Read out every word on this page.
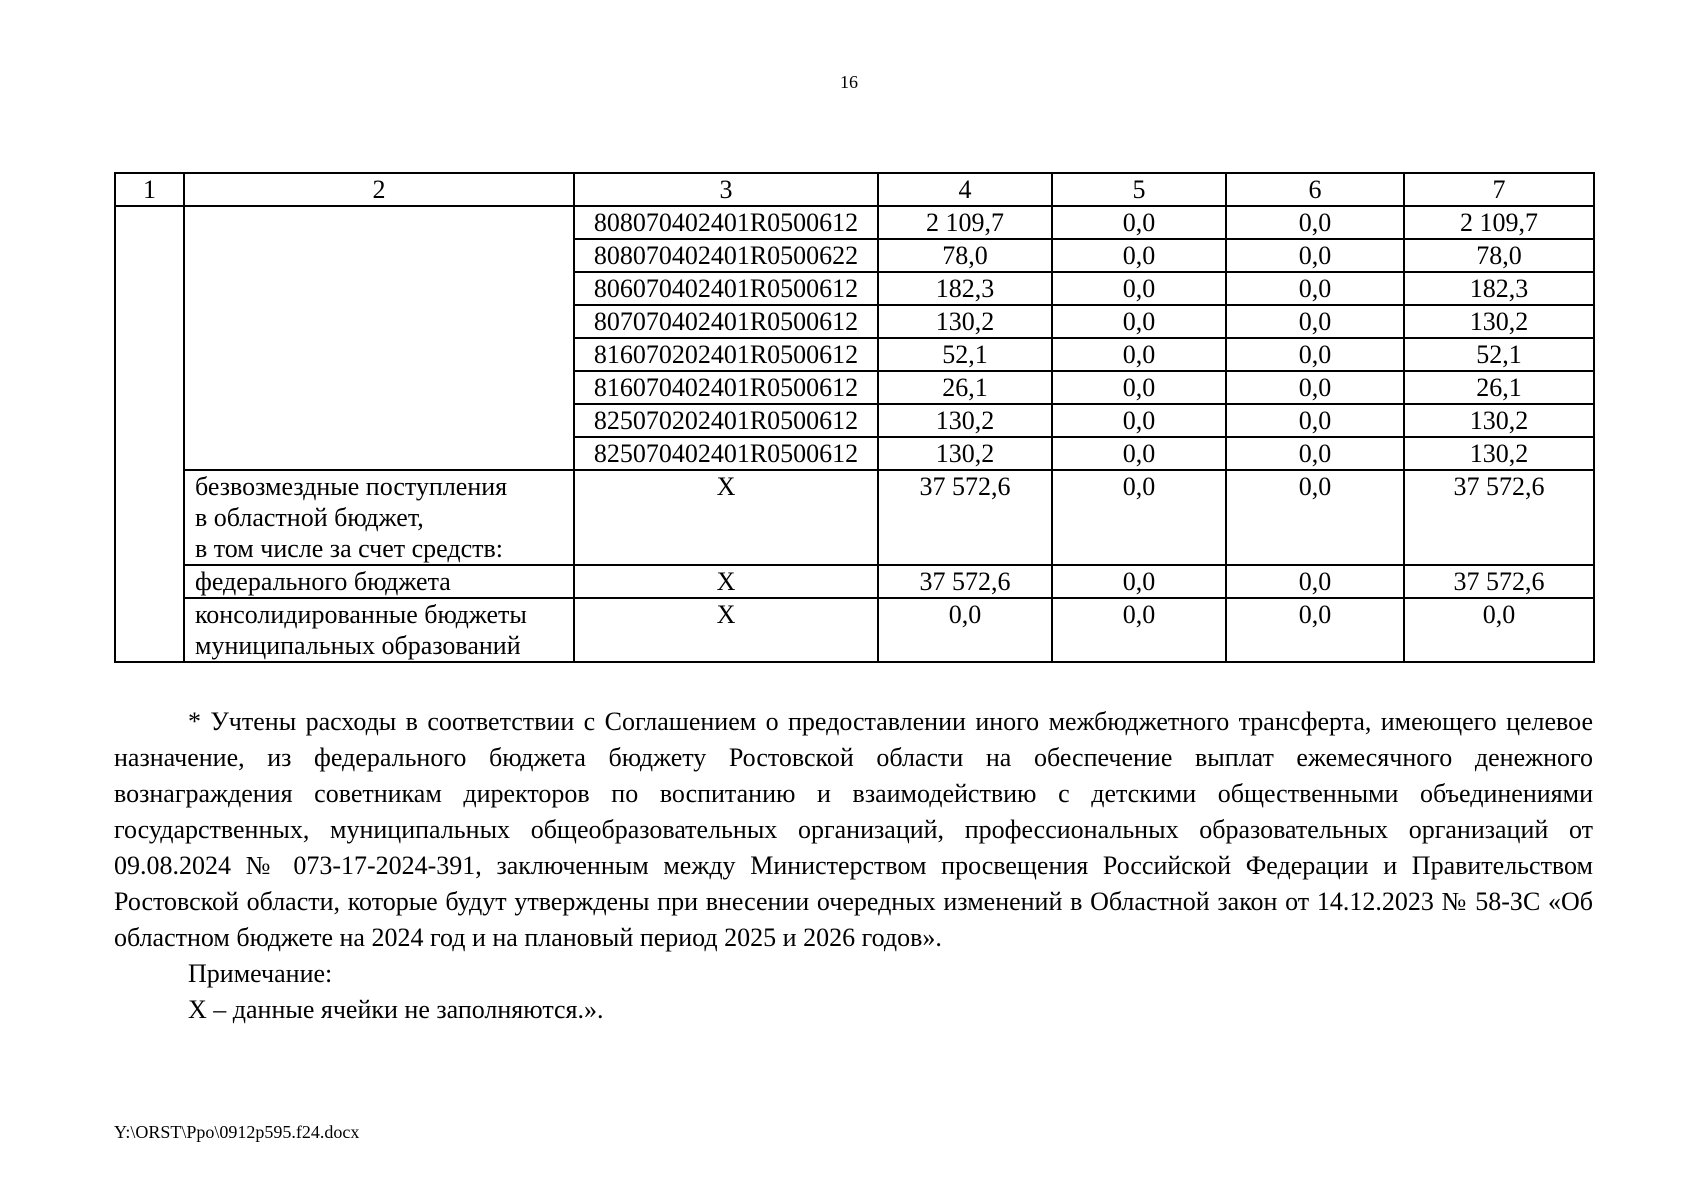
16
1	2	3	4	5	6	7
		808070402401R0500612	2 109,7	0,0	0,0	2 109,7
		808070402401R0500622	78,0	0,0	0,0	78,0
		806070402401R0500612	182,3	0,0	0,0	182,3
		807070402401R0500612	130,2	0,0	0,0	130,2
		816070202401R0500612	52,1	0,0	0,0	52,1
		816070402401R0500612	26,1	0,0	0,0	26,1
		825070202401R0500612	130,2	0,0	0,0	130,2
		825070402401R0500612	130,2	0,0	0,0	130,2

	безвозмездные поступления
в областной бюджет,
в том числе за счет средств:	X	37 572,6	0,0	0,0	37 572,6

	федерального бюджета	X	37 572,6	0,0	0,0	37 572,6

	консолидированные бюджеты
муниципальных образований	X	0,0	0,0	0,0	0,0

* Учтены расходы в соответствии с Соглашением о предоставлении иного межбюджетного трансферта, имеющего целевое назначение, из федерального бюджета бюджету Ростовской области на обеспечение выплат ежемесячного денежного вознаграждения советникам директоров по воспитанию и взаимодействию с детскими общественными объединениями государственных, муниципальных общеобразовательных организаций, профессиональных образовательных организаций от 09.08.2024 № 073-17-2024-391, заключенным между Министерством просвещения Российской Федерации и Правительством Ростовской области, которые будут утверждены при внесении очередных изменений в Областной закон от 14.12.2023 № 58-ЗС «Об областном бюджете на 2024 год и на плановый период 2025 и 2026 годов».

Примечание:

Х – данные ячейки не заполняются.».

Y:\ORST\Ppo\0912p595.f24.docx
